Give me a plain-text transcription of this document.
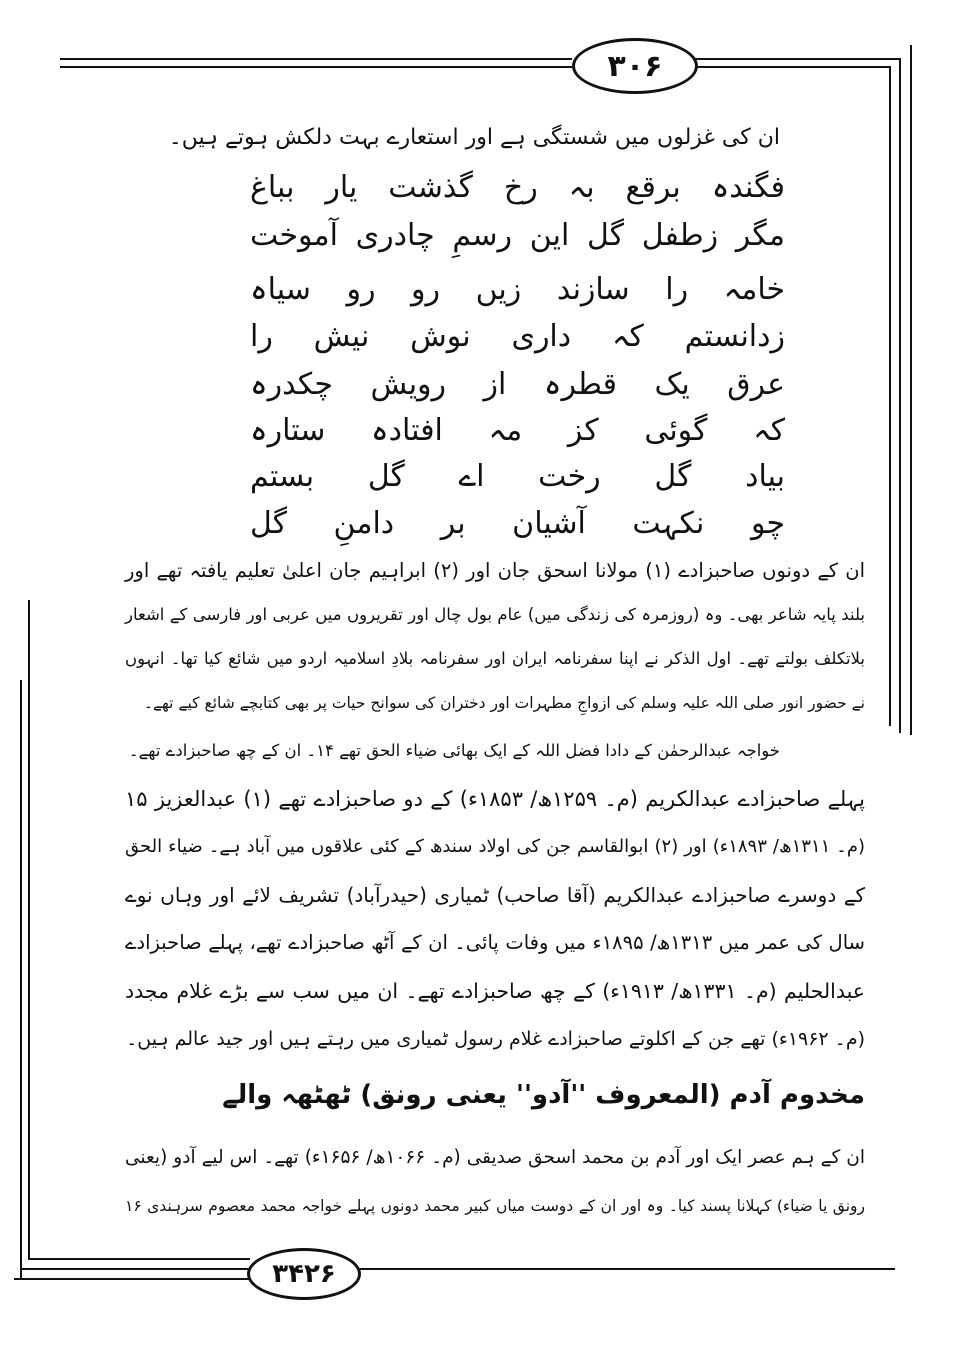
۳۰۶
۳۴۲۶
ان کی غزلوں میں شستگی ہے اور استعارے بہت دلکش ہوتے ہیں۔
فگندہ برقع بہ رخ گذشت یار بباغ
مگر زطفل گل این رسمِ چادری آموخت
خامہ را سازند زیں رو رو سیاہ
زدانستم کہ داری نوش نیش را
عرق یک قطرہ از رویش چکدرہ
کہ گوئی کز مہ افتادہ ستارہ
بیاد گل رخت اے گل بستم
چو نکہت آشیان بر دامنِ گل
ان کے دونوں صاحبزادے (۱) مولانا اسحق جان اور (۲) ابراہیم جان اعلیٰ تعلیم یافتہ تھے اور
بلند پایہ شاعر بھی۔ وہ (روزمرہ کی زندگی میں) عام بول چال اور تقریروں میں عربی اور فارسی کے اشعار
بلاتکلف بولتے تھے۔ اول الذکر نے اپنا سفرنامہ ایران اور سفرنامہ بلادِ اسلامیہ اردو میں شائع کیا تھا۔ انہوں
نے حضور انور صلی اللہ علیہ وسلم کی ازواجِ مطہرات اور دختران کی سوانح حیات پر بھی کتابچے شائع کیے تھے۔
خواجہ عبدالرحمٰن کے دادا فضل اللہ کے ایک بھائی ضیاء الحق تھے ۱۴۔ ان کے چھ صاحبزادے تھے۔
پہلے صاحبزادے عبدالکریم (م۔ ۱۲۵۹ھ/ ۱۸۵۳ء) کے دو صاحبزادے تھے (۱) عبدالعزیز ۱۵
(م۔ ۱۳۱۱ھ/ ۱۸۹۳ء) اور (۲) ابوالقاسم جن کی اولاد سندھ کے کئی علاقوں میں آباد ہے۔ ضیاء الحق
کے دوسرے صاحبزادے عبدالکریم (آقا صاحب) ٹمیاری (حیدرآباد) تشریف لائے اور وہاں نوے
سال کی عمر میں ۱۳۱۳ھ/ ۱۸۹۵ء میں وفات پائی۔ ان کے آٹھ صاحبزادے تھے، پہلے صاحبزادے
عبدالحلیم (م۔ ۱۳۳۱ھ/ ۱۹۱۳ء) کے چھ صاحبزادے تھے۔ ان میں سب سے بڑے غلام مجدد
(م۔ ۱۹۶۲ء) تھے جن کے اکلوتے صاحبزادے غلام رسول ٹمیاری میں رہتے ہیں اور جید عالم ہیں۔
مخدوم آدم (المعروف ''آدو'' یعنی رونق) ٹھٹھہ والے
ان کے ہم عصر ایک اور آدم بن محمد اسحق صدیقی (م۔ ۱۰۶۶ھ/ ۱۶۵۶ء) تھے۔ اس لیے آدو (یعنی
رونق یا ضیاء) کہلانا پسند کیا۔ وہ اور ان کے دوست میاں کبیر محمد دونوں پہلے خواجہ محمد معصوم سرہندی ۱۶
